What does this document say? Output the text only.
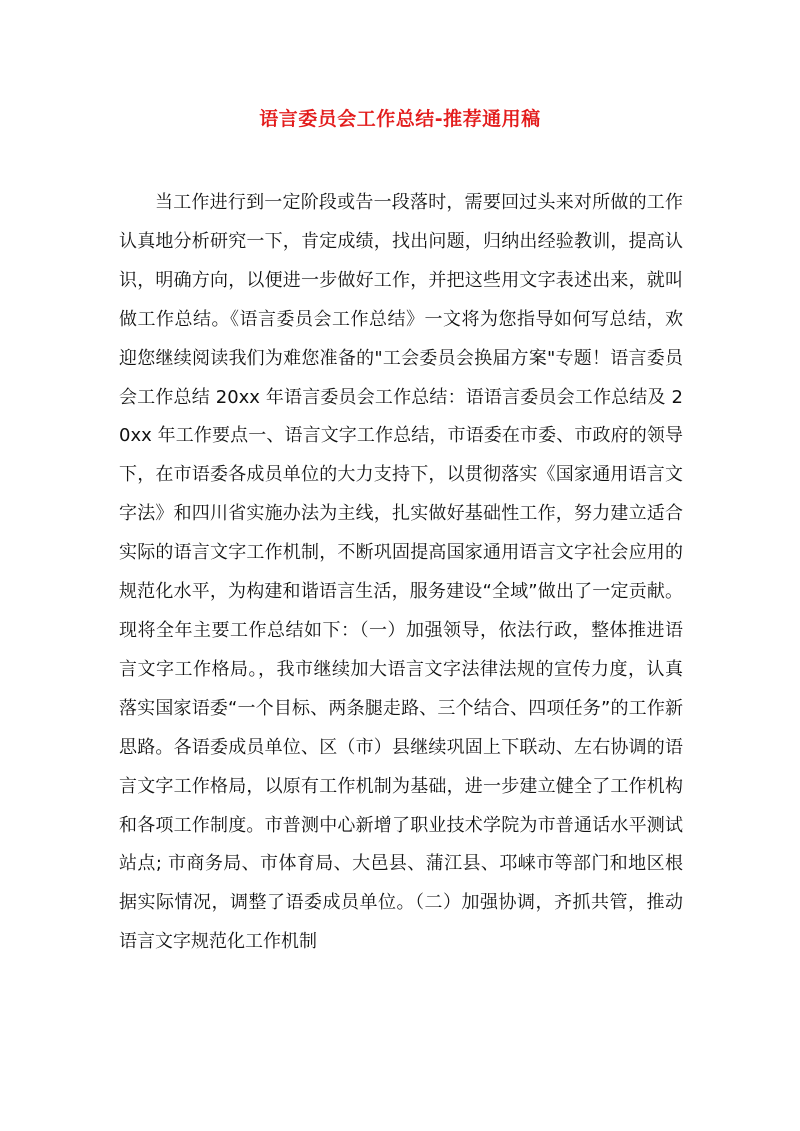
语言委员会工作总结-推荐通用稿

当工作进行到一定阶段或告一段落时，需要回过头来对所做的工作认真地分析研究一下，肯定成绩，找出问题，归纳出经验教训，提高认识，明确方向，以便进一步做好工作，并把这些用文字表述出来，就叫做工作总结。《语言委员会工作总结》一文将为您指导如何写总结，欢迎您继续阅读我们为难您准备的"工会委员会换届方案"专题！语言委员会工作总结 20xx 年语言委员会工作总结：语语言委员会工作总结及 20xx 年工作要点一、语言文字工作总结，市语委在市委、市政府的领导下，在市语委各成员单位的大力支持下，以贯彻落实《国家通用语言文字法》和四川省实施办法为主线，扎实做好基础性工作，努力建立适合实际的语言文字工作机制，不断巩固提高国家通用语言文字社会应用的规范化水平，为构建和谐语言生活，服务建设“全域”做出了一定贡献。现将全年主要工作总结如下：（一）加强领导，依法行政，整体推进语言文字工作格局。，我市继续加大语言文字法律法规的宣传力度，认真落实国家语委“一个目标、两条腿走路、三个结合、四项任务”的工作新思路。各语委成员单位、区（市）县继续巩固上下联动、左右协调的语言文字工作格局，以原有工作机制为基础，进一步建立健全了工作机构和各项工作制度。市普测中心新增了职业技术学院为市普通话水平测试站点; 市商务局、市体育局、大邑县、蒲江县、邛崃市等部门和地区根据实际情况，调整了语委成员单位。（二）加强协调，齐抓共管，推动语言文字规范化工作机制
